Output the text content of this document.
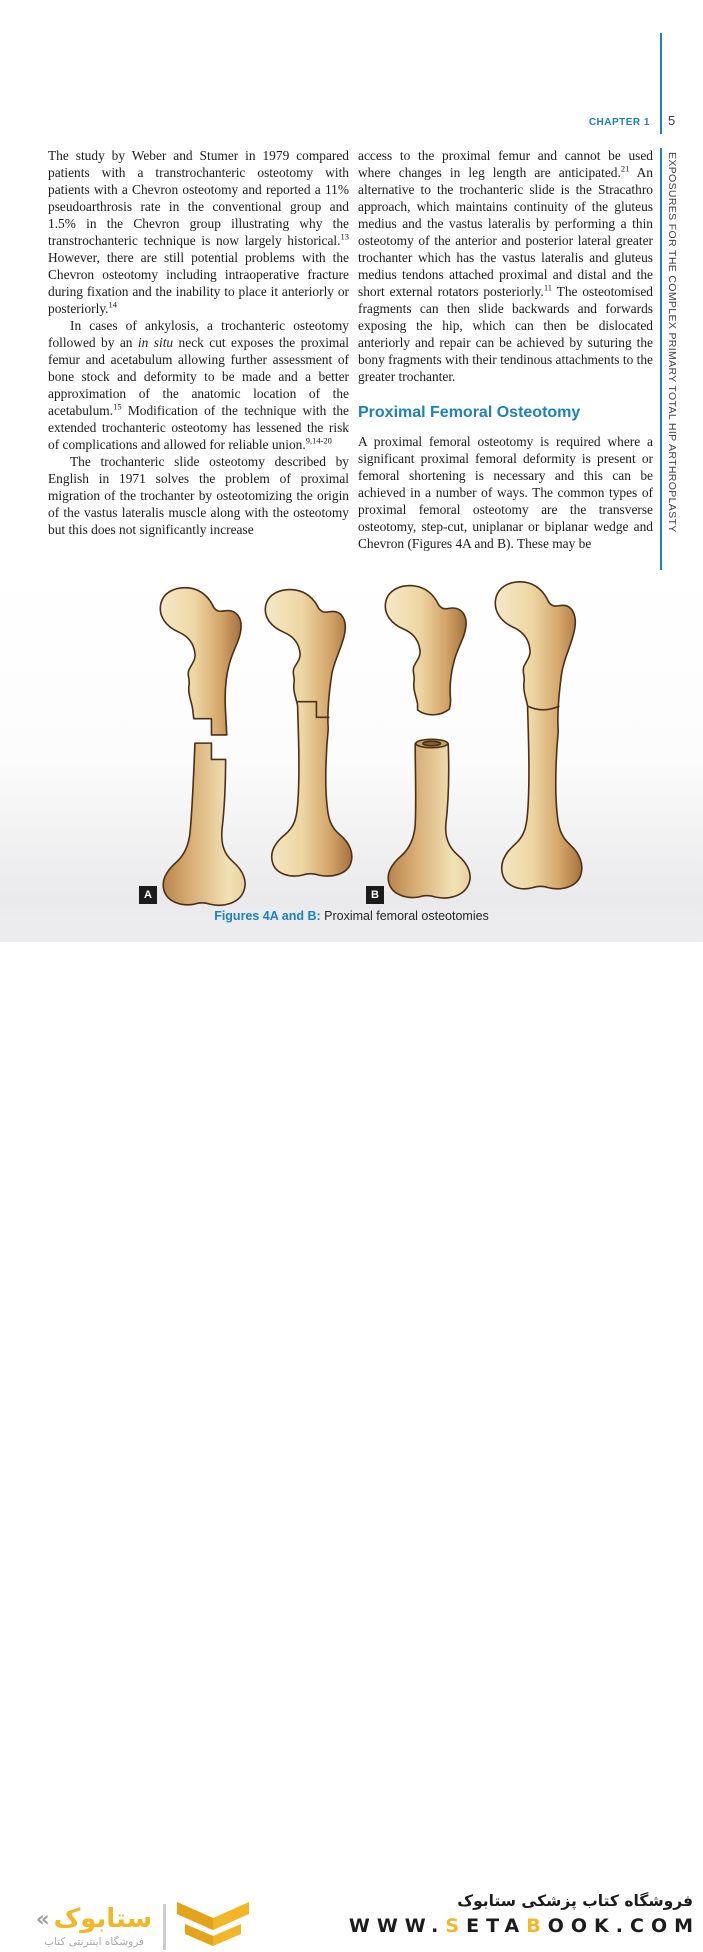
CHAPTER 1 5
EXPOSURES FOR THE COMPLEX PRIMARY TOTAL HIP ARTHROPLASTY

The study by Weber and Stumer in 1979 compared patients with a transtrochanteric osteotomy with patients with a Chevron osteotomy and reported a 11% pseudoarthrosis rate in the conventional group and 1.5% in the Chevron group illustrating why the transtrochanteric technique is now largely historical.$^{13}$ However, there are still potential problems with the Chevron osteotomy including intraoperative fracture during fixation and the inability to place it anteriorly or posteriorly.$^{14}$

In cases of ankylosis, a trochanteric osteotomy followed by an in situ neck cut exposes the proximal femur and acetabulum allowing further assessment of bone stock and deformity to be made and a better approximation of the anatomic location of the acetabulum.$^{15}$ Modification of the technique with the extended trochanteric osteotomy has lessened the risk of complications and allowed for reliable union.$^{9,14-20}$

The trochanteric slide osteotomy described by English in 1971 solves the problem of proximal migration of the trochanter by osteotomizing the origin of the vastus lateralis muscle along with the osteotomy but this does not significantly increase

access to the proximal femur and cannot be used where changes in leg length are anticipated.$^{21}$ An alternative to the trochanteric slide is the Stracathro approach, which maintains continuity of the gluteus medius and the vastus lateralis by performing a thin osteotomy of the anterior and posterior lateral greater trochanter which has the vastus lateralis and gluteus medius tendons attached proximal and distal and the short external rotators posteriorly.$^{11}$ The osteotomised fragments can then slide backwards and forwards exposing the hip, which can then be dislocated anteriorly and repair can be achieved by suturing the bony fragments with their tendinous attachments to the greater trochanter.

Proximal Femoral Osteotomy

A proximal femoral osteotomy is required where a significant proximal femoral deformity is present or femoral shortening is necessary and this can be achieved in a number of ways. The common types of proximal femoral osteotomy are the transverse osteotomy, step-cut, uniplanar or biplanar wedge and Chevron (Figures 4A and B). These may be

A	B
Figures 4A and B: Proximal femoral osteotomies
« ستابوک
فروشگاه اینترنتی کتاب
فروشگاه کتاب پزشکی ستابوک
WWW.SETABOOK.COM
